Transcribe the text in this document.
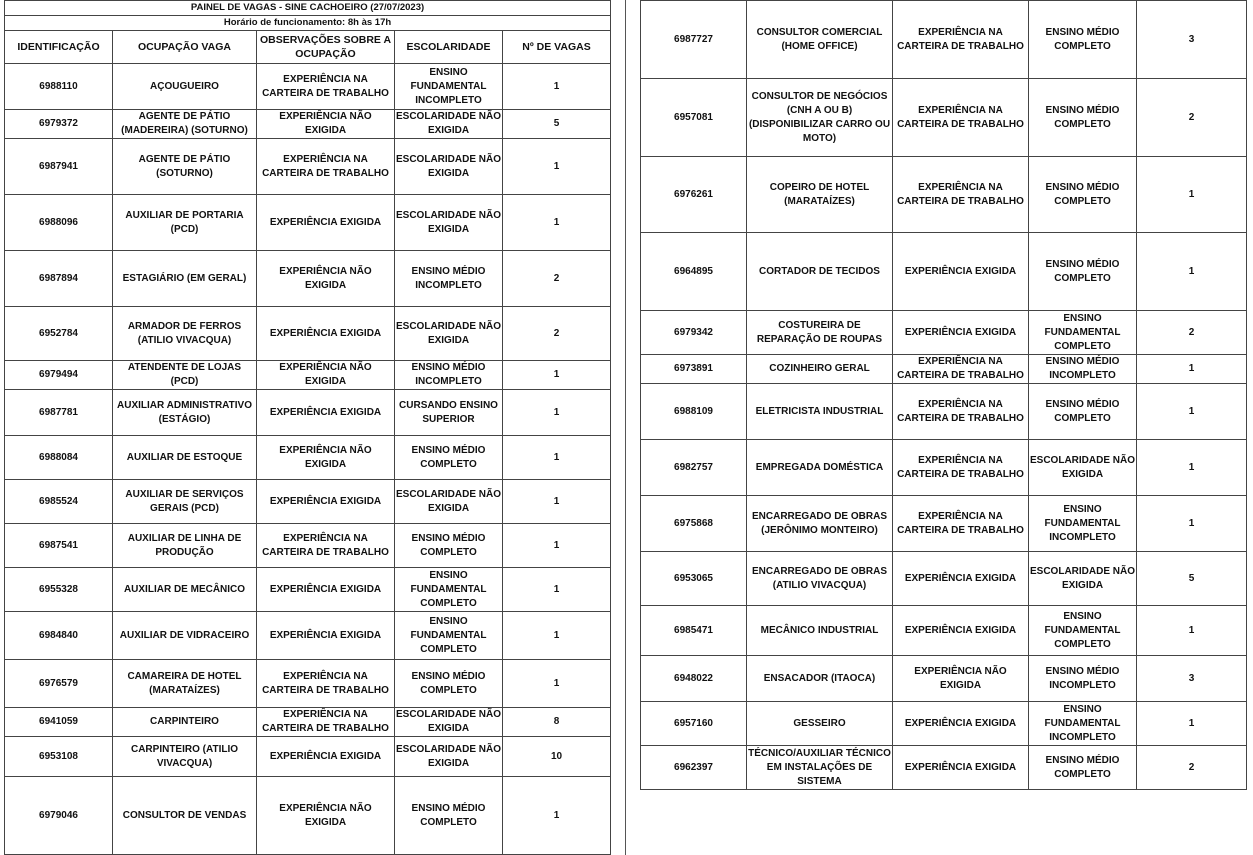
PAINEL DE VAGAS - SINE CACHOEIRO (27/07/2023)				
Horário de funcionamento: 8h às 17h				
IDENTIFICAÇÃO	OCUPAÇÃO VAGA	OBSERVAÇÕES SOBRE A OCUPAÇÃO	ESCOLARIDADE	Nº DE VAGAS
6988110	AÇOUGUEIRO	EXPERIÊNCIA NA CARTEIRA DE TRABALHO	ENSINO FUNDAMENTAL INCOMPLETO	1
6979372	AGENTE DE PÁTIO (MADEREIRA) (SOTURNO)	EXPERIÊNCIA NÃO EXIGIDA	ESCOLARIDADE NÃO EXIGIDA	5
6987941	AGENTE DE PÁTIO (SOTURNO)	EXPERIÊNCIA NA CARTEIRA DE TRABALHO	ESCOLARIDADE NÃO EXIGIDA	1
6988096	AUXILIAR DE PORTARIA (PCD)	EXPERIÊNCIA EXIGIDA	ESCOLARIDADE NÃO EXIGIDA	1
6987894	ESTAGIÁRIO (EM GERAL)	EXPERIÊNCIA NÃO EXIGIDA	ENSINO MÉDIO INCOMPLETO	2
6952784	ARMADOR DE FERROS (ATILIO VIVACQUA)	EXPERIÊNCIA EXIGIDA	ESCOLARIDADE NÃO EXIGIDA	2
6979494	ATENDENTE DE LOJAS (PCD)	EXPERIÊNCIA NÃO EXIGIDA	ENSINO MÉDIO INCOMPLETO	1
6987781	AUXILIAR ADMINISTRATIVO (ESTÁGIO)	EXPERIÊNCIA EXIGIDA	CURSANDO ENSINO SUPERIOR	1
6988084	AUXILIAR DE ESTOQUE	EXPERIÊNCIA NÃO EXIGIDA	ENSINO MÉDIO COMPLETO	1
6985524	AUXILIAR DE SERVIÇOS GERAIS (PCD)	EXPERIÊNCIA EXIGIDA	ESCOLARIDADE NÃO EXIGIDA	1
6987541	AUXILIAR DE LINHA DE PRODUÇÃO	EXPERIÊNCIA NA CARTEIRA DE TRABALHO	ENSINO MÉDIO COMPLETO	1
6955328	AUXILIAR DE MECÂNICO	EXPERIÊNCIA EXIGIDA	ENSINO FUNDAMENTAL COMPLETO	1
6984840	AUXILIAR DE VIDRACEIRO	EXPERIÊNCIA EXIGIDA	ENSINO FUNDAMENTAL COMPLETO	1
6976579	CAMAREIRA DE HOTEL (MARATAÍZES)	EXPERIÊNCIA NA CARTEIRA DE TRABALHO	ENSINO MÉDIO COMPLETO	1
6941059	CARPINTEIRO	EXPERIÊNCIA NA CARTEIRA DE TRABALHO	ESCOLARIDADE NÃO EXIGIDA	8
6953108	CARPINTEIRO (ATILIO VIVACQUA)	EXPERIÊNCIA EXIGIDA	ESCOLARIDADE NÃO EXIGIDA	10
6979046	CONSULTOR DE VENDAS	EXPERIÊNCIA NÃO EXIGIDA	ENSINO MÉDIO COMPLETO	1
6987727	CONSULTOR COMERCIAL (HOME OFFICE)	EXPERIÊNCIA NA CARTEIRA DE TRABALHO	ENSINO MÉDIO COMPLETO	3
6957081	CONSULTOR DE NEGÓCIOS (CNH A OU B) (DISPONIBILIZAR CARRO OU MOTO)	EXPERIÊNCIA NA CARTEIRA DE TRABALHO	ENSINO MÉDIO COMPLETO	2
6976261	COPEIRO DE HOTEL (MARATAÍZES)	EXPERIÊNCIA NA CARTEIRA DE TRABALHO	ENSINO MÉDIO COMPLETO	1
6964895	CORTADOR DE TECIDOS	EXPERIÊNCIA EXIGIDA	ENSINO MÉDIO COMPLETO	1
6979342	COSTUREIRA DE REPARAÇÃO DE ROUPAS	EXPERIÊNCIA EXIGIDA	ENSINO FUNDAMENTAL COMPLETO	2
6973891	COZINHEIRO GERAL	EXPERIÊNCIA NA CARTEIRA DE TRABALHO	ENSINO MÉDIO INCOMPLETO	1
6988109	ELETRICISTA INDUSTRIAL	EXPERIÊNCIA NA CARTEIRA DE TRABALHO	ENSINO MÉDIO COMPLETO	1
6982757	EMPREGADA DOMÉSTICA	EXPERIÊNCIA NA CARTEIRA DE TRABALHO	ESCOLARIDADE NÃO EXIGIDA	1
6975868	ENCARREGADO DE OBRAS (JERÔNIMO MONTEIRO)	EXPERIÊNCIA NA CARTEIRA DE TRABALHO	ENSINO FUNDAMENTAL INCOMPLETO	1
6953065	ENCARREGADO DE OBRAS (ATILIO VIVACQUA)	EXPERIÊNCIA EXIGIDA	ESCOLARIDADE NÃO EXIGIDA	5
6985471	MECÂNICO INDUSTRIAL	EXPERIÊNCIA EXIGIDA	ENSINO FUNDAMENTAL COMPLETO	1
6948022	ENSACADOR (ITAOCA)	EXPERIÊNCIA NÃO EXIGIDA	ENSINO MÉDIO INCOMPLETO	3
6957160	GESSEIRO	EXPERIÊNCIA EXIGIDA	ENSINO FUNDAMENTAL INCOMPLETO	1
6962397	TÉCNICO/AUXILIAR TÉCNICO EM INSTALAÇÕES DE SISTEMA	EXPERIÊNCIA EXIGIDA	ENSINO MÉDIO COMPLETO	2
